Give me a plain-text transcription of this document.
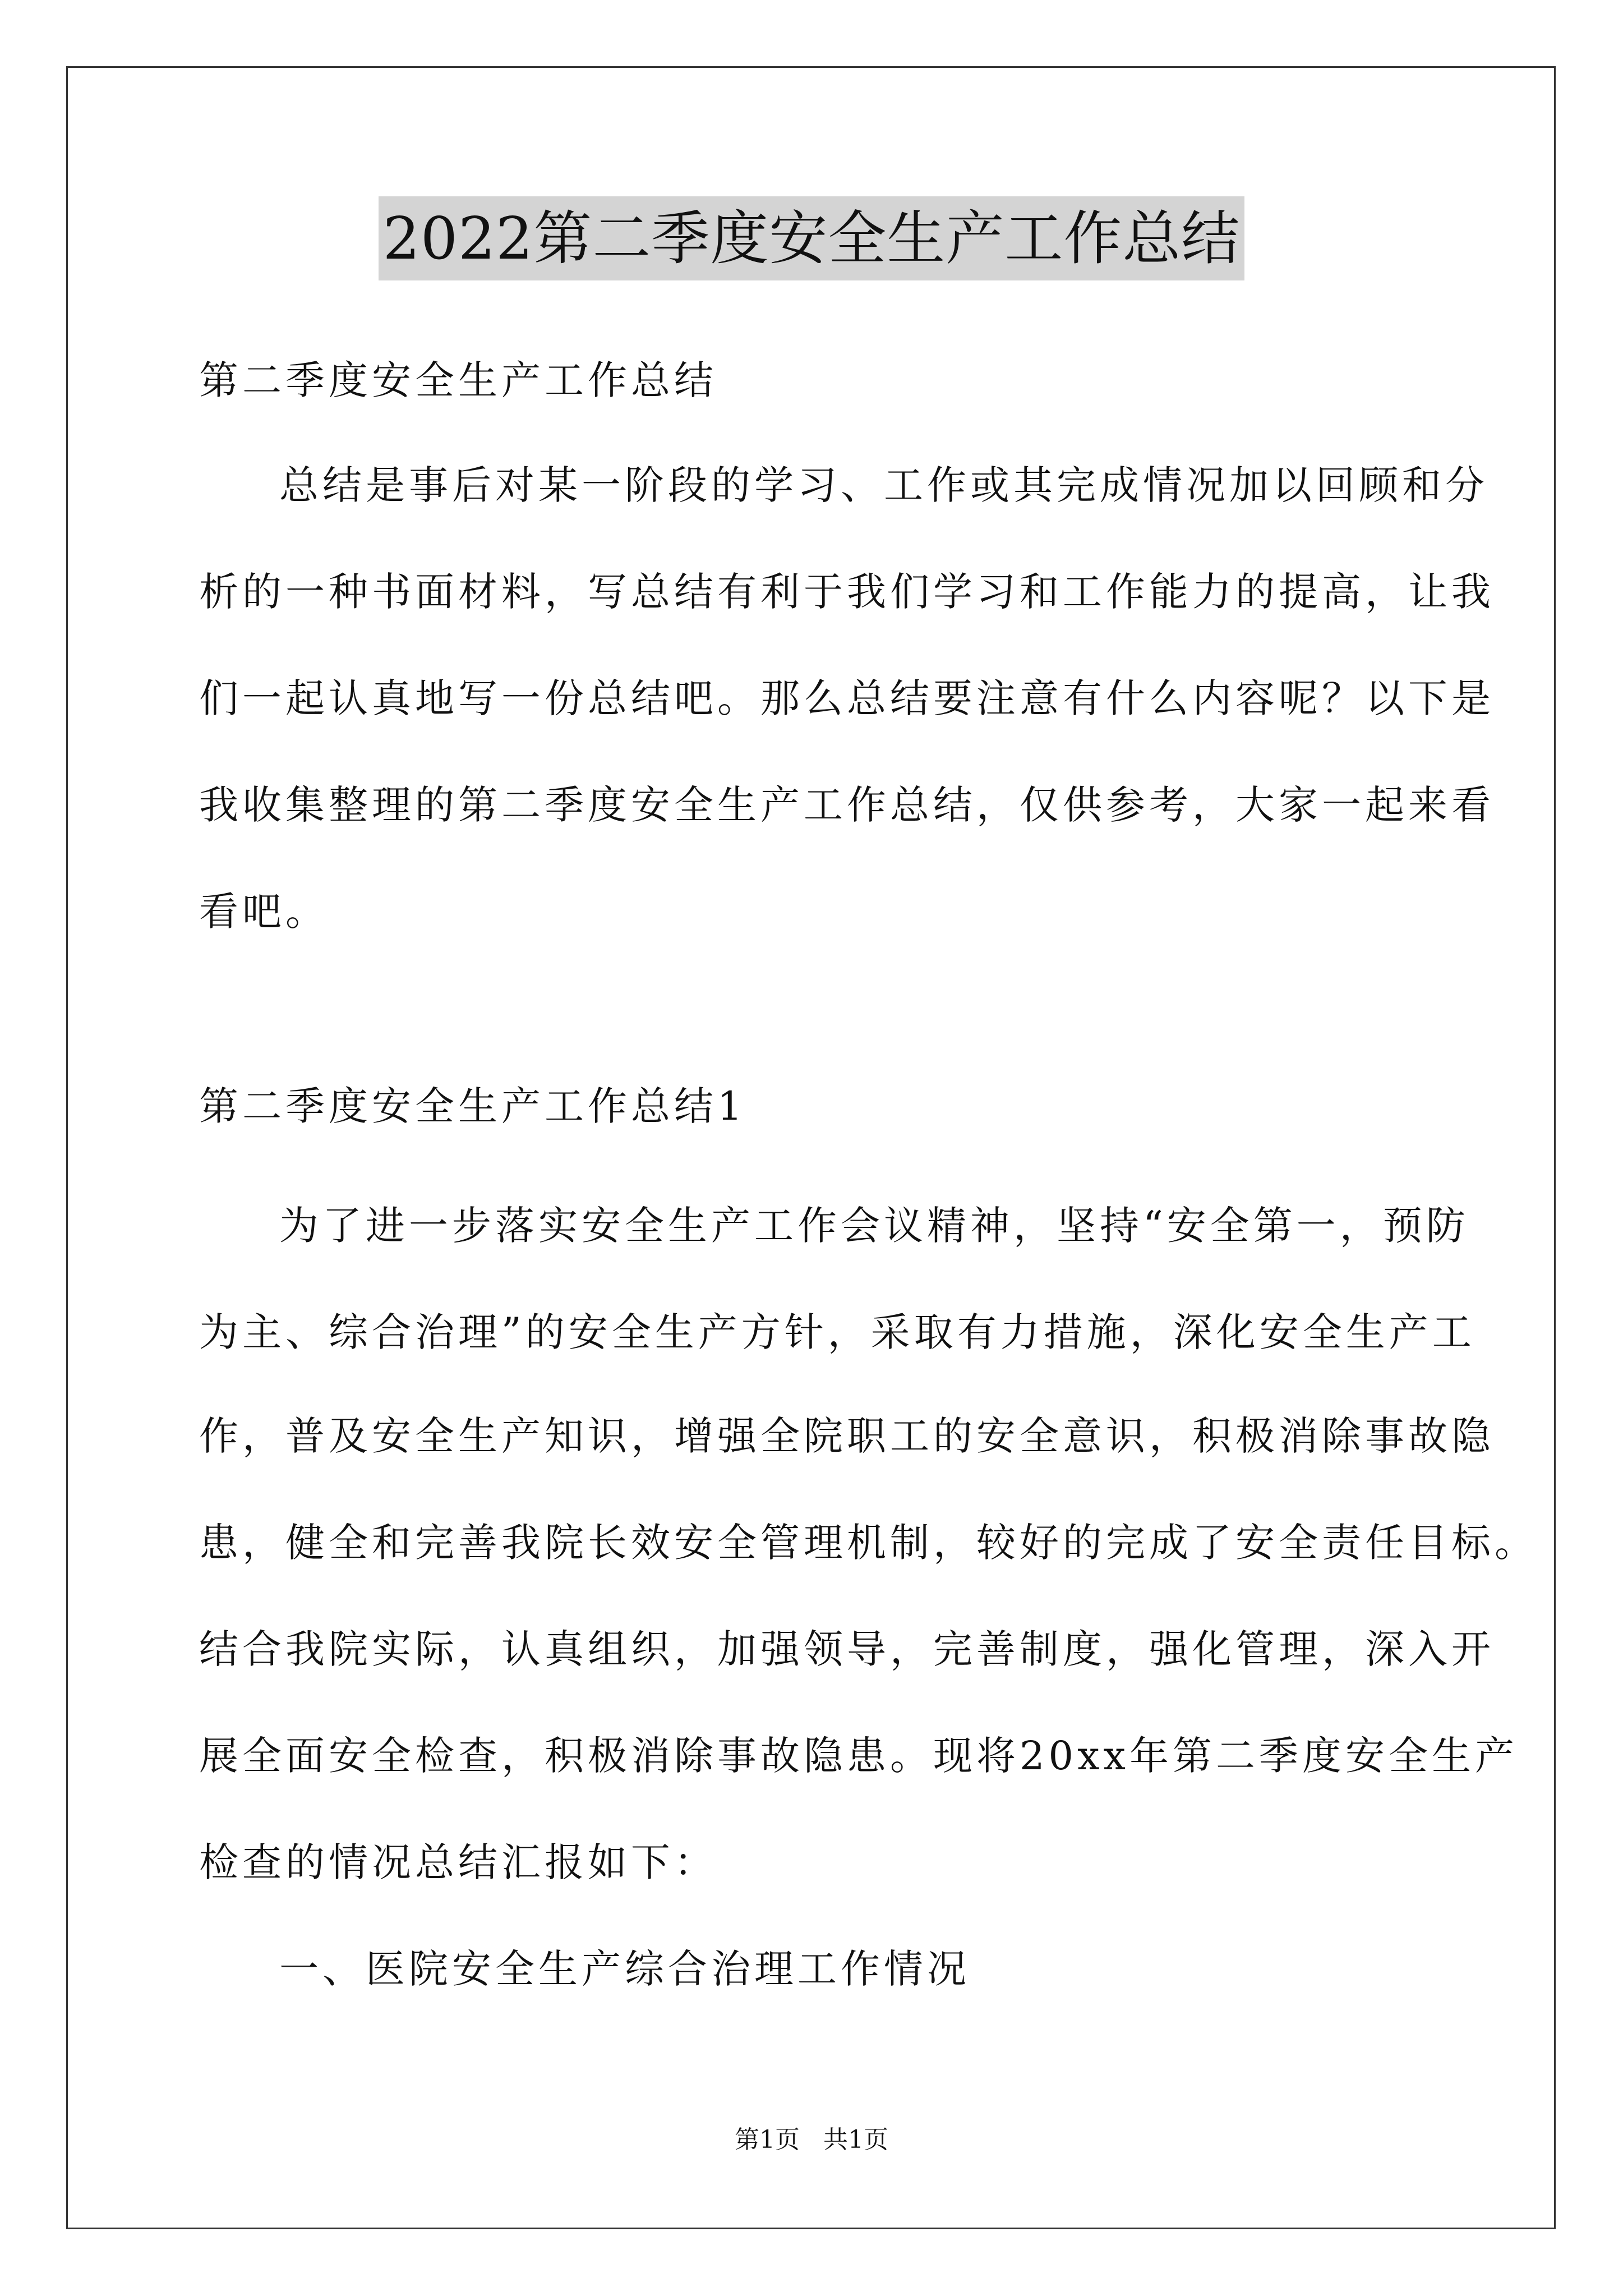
2022第二季度安全生产工作总结
第二季度安全生产工作总结
总结是事后对某一阶段的学习、工作或其完成情况加以回顾和分
析的一种书面材料，写总结有利于我们学习和工作能力的提高，让我
们一起认真地写一份总结吧。那么总结要注意有什么内容呢？以下是
我收集整理的第二季度安全生产工作总结，仅供参考，大家一起来看
看吧。
第二季度安全生产工作总结1
为了进一步落实安全生产工作会议精神，坚持“安全第一，预防
为主、综合治理”的安全生产方针，采取有力措施，深化安全生产工
作，普及安全生产知识，增强全院职工的安全意识，积极消除事故隐
患，健全和完善我院长效安全管理机制，较好的完成了安全责任目标。
结合我院实际，认真组织，加强领导，完善制度，强化管理，深入开
展全面安全检查，积极消除事故隐患。现将20xx年第二季度安全生产
检查的情况总结汇报如下：
一、医院安全生产综合治理工作情况
第1页   共1页
